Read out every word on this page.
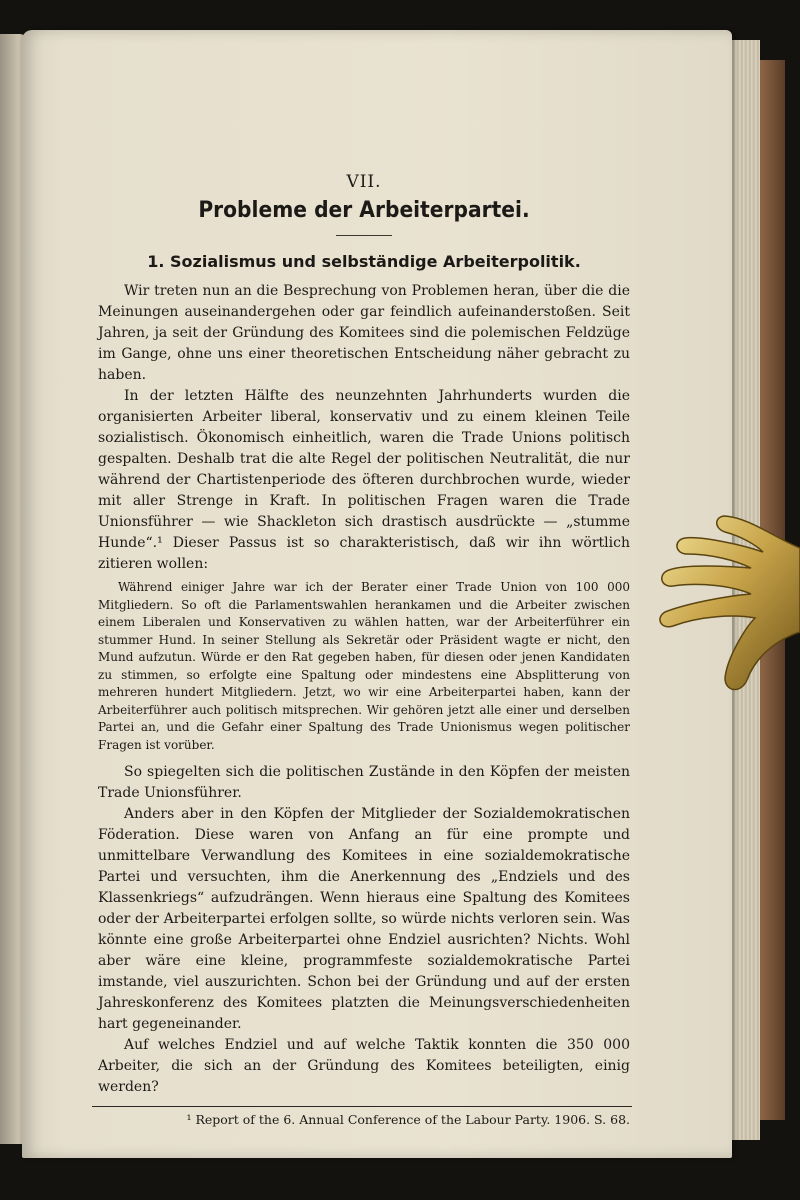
VII.

Probleme der Arbeiterpartei.
1. Sozialismus und selbständige Arbeiterpolitik.

Wir treten nun an die Besprechung von Problemen heran, über die die Meinungen auseinandergehen oder gar feindlich aufeinanderstoßen. Seit Jahren, ja seit der Gründung des Komitees sind die polemischen Feldzüge im Gange, ohne uns einer theoretischen Entscheidung näher gebracht zu haben.

In der letzten Hälfte des neunzehnten Jahrhunderts wurden die organisierten Arbeiter liberal, konservativ und zu einem kleinen Teile sozialistisch. Ökonomisch einheitlich, waren die Trade Unions politisch gespalten. Deshalb trat die alte Regel der politischen Neutralität, die nur während der Chartistenperiode des öfteren durchbrochen wurde, wieder mit aller Strenge in Kraft. In politischen Fragen waren die Trade Unionsführer — wie Shackleton sich drastisch ausdrückte — „stumme Hunde“.¹ Dieser Passus ist so charakteristisch, daß wir ihn wörtlich zitieren wollen:

Während einiger Jahre war ich der Berater einer Trade Union von 100 000 Mitgliedern. So oft die Parlamentswahlen herankamen und die Arbeiter zwischen einem Liberalen und Konservativen zu wählen hatten, war der Arbeiterführer ein stummer Hund. In seiner Stellung als Sekretär oder Präsident wagte er nicht, den Mund aufzutun. Würde er den Rat gegeben haben, für diesen oder jenen Kandidaten zu stimmen, so erfolgte eine Spaltung oder mindestens eine Absplitterung von mehreren hundert Mitgliedern. Jetzt, wo wir eine Arbeiterpartei haben, kann der Arbeiterführer auch politisch mitsprechen. Wir gehören jetzt alle einer und derselben Partei an, und die Gefahr einer Spaltung des Trade Unionismus wegen politischer Fragen ist vorüber.

So spiegelten sich die politischen Zustände in den Köpfen der meisten Trade Unionsführer.

Anders aber in den Köpfen der Mitglieder der Sozialdemokratischen Föderation. Diese waren von Anfang an für eine prompte und unmittelbare Verwandlung des Komitees in eine sozialdemokratische Partei und versuchten, ihm die Anerkennung des „Endziels und des Klassenkriegs“ aufzudrängen. Wenn hieraus eine Spaltung des Komitees oder der Arbeiterpartei erfolgen sollte, so würde nichts verloren sein. Was könnte eine große Arbeiterpartei ohne Endziel ausrichten? Nichts. Wohl aber wäre eine kleine, programmfeste sozialdemokratische Partei imstande, viel auszurichten. Schon bei der Gründung und auf der ersten Jahreskonferenz des Komitees platzten die Meinungsverschiedenheiten hart gegeneinander.

Auf welches Endziel und auf welche Taktik konnten die 350 000 Arbeiter, die sich an der Gründung des Komitees beteiligten, einig werden?

¹ Report of the 6. Annual Conference of the Labour Party. 1906. S. 68.
